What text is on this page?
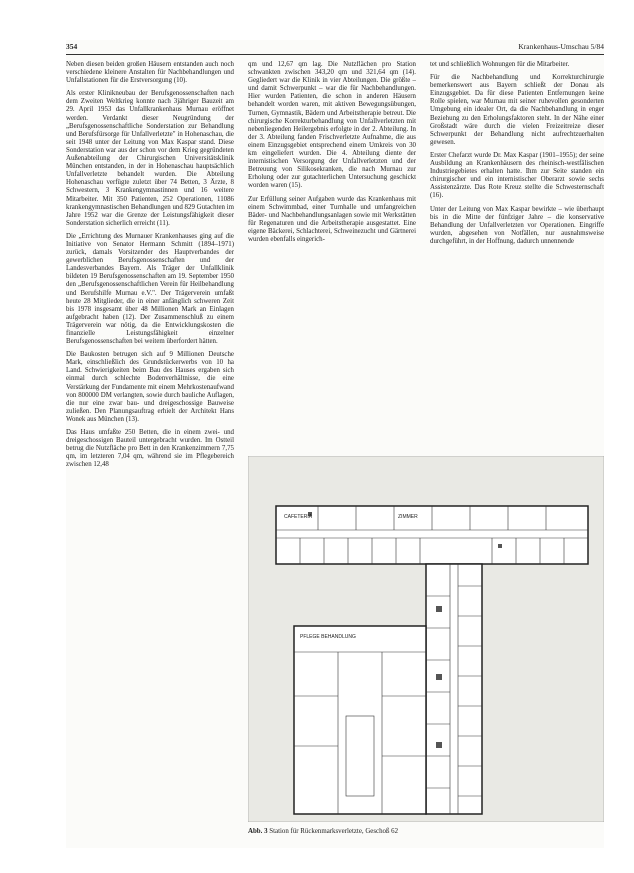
354	Krankenhaus-Umschau 5/84

Neben diesen beiden großen Häusern entstanden auch noch verschiedene kleinere Anstalten für Nachbehandlungen und Unfallstationen für die Erstversorgung (10).

Als erster Klinikneubau der Berufsgenossenschaften nach dem Zweiten Weltkrieg konnte nach 3jähriger Bauzeit am 29. April 1953 das Unfallkrankenhaus Murnau eröffnet werden. Verdankt dieser Neugründung der „Berufsgenossenschaftliche Sonderstation zur Behandlung und Berufsfürsorge für Unfallverletzte" in Hohenaschau, die seit 1948 unter der Leitung von Max Kaspar stand. Diese Sonderstation war aus der schon vor dem Krieg gegründeten Außenabteilung der Chirurgischen Universitätsklinik München entstanden, in der in Hohenaschau hauptsächlich Unfallverletzte behandelt wurden. Die Abteilung Hohenaschau verfügte zuletzt über 74 Betten, 3 Ärzte, 8 Schwestern, 3 Krankengymnastinnen und 16 weitere Mitarbeiter. Mit 350 Patienten, 252 Operationen, 11086 krankengymnastischen Behandlungen und 829 Gutachten im Jahre 1952 war die Grenze der Leistungsfähigkeit dieser Sonderstation sicherlich erreicht (11).

Die „Errichtung des Murnauer Krankenhauses ging auf die Initiative von Senator Hermann Schmitt (1894–1971) zurück, damals Vorsitzender des Hauptverbandes der gewerblichen Berufsgenossenschaften und der Landesverbandes Bayern. Als Träger der Unfallklinik bildeten 19 Berufsgenossenschaften am 19. September 1950 den „Berufsgenossenschaftlichen Verein für Heilbehandlung und Berufshilfe Murnau e.V.". Der Trägerverein umfaßt heute 28 Mitglieder, die in einer anfänglich schweren Zeit bis 1978 insgesamt über 48 Millionen Mark an Einlagen aufgebracht haben (12). Der Zusammenschluß zu einem Trägerverein war nötig, da die Entwicklungskosten die finanzielle Leistungsfähigkeit einzelner Berufsgenossenschaften bei weitem überfordert hätten.

Die Baukosten betrugen sich auf 9 Millionen Deutsche Mark, einschließlich des Grundstückerwerbs von 10 ha Land. Schwierigkeiten beim Bau des Hauses ergaben sich einmal durch schlechte Bodenverhältnisse, die eine Verstärkung der Fundamente mit einem Mehrkostenaufwand von 800000 DM verlangten, sowie durch bauliche Auflagen, die nur eine zwar bau- und dreigeschossige Bauweise zuließen. Den Planungsauftrag erhielt der Architekt Hans Wonek aus München (13).

Das Haus umfaßte 250 Betten, die in einem zwei- und dreigeschossigen Bauteil untergebracht wurden. Im Ostteil betrug die Nutzfläche pro Bett in den Krankenzimmern 7,75 qm, im letzteren 7,04 qm, während sie im Pflegebereich zwischen 12,48

qm und 12,67 qm lag. Die Nutzflächen pro Station schwankten zwischen 343,20 qm und 321,64 qm (14). Gegliedert war die Klinik in vier Abteilungen. Die größte – und damit Schwerpunkt – war die für Nachbehandlungen. Hier wurden Patienten, die schon in anderen Häusern behandelt worden waren, mit aktiven Bewegungsübungen, Turnen, Gymnastik, Bädern und Arbeitstherapie betreut. Die chirurgische Korrekturbehandlung von Unfallverletzten mit nebenliegenden Heilergebnis erfolgte in der 2. Abteilung. In der 3. Abteilung fanden Frischverletzte Aufnahme, die aus einem Einzugsgebiet entsprechend einem Umkreis von 30 km eingeliefert wurden. Die 4. Abteilung diente der internistischen Versorgung der Unfallverletzten und der Betreuung von Silikosekranken, die nach Murnau zur Erholung oder zur gutachterlichen Untersuchung geschickt worden waren (15).

Zur Erfüllung seiner Aufgaben wurde das Krankenhaus mit einem Schwimmbad, einer Turnhalle und umfangreichen Bäder- und Nachbehandlungsanlagen sowie mit Werkstätten für Regenaturen und die Arbeitstherapie ausgestattet. Eine eigene Bäckerei, Schlachterei, Schweinezucht und Gärtnerei wurden ebenfalls eingerich-

tet und schließlich Wohnungen für die Mitarbeiter.

Für die Nachbehandlung und Korrekturchirurgie bemerkenswert aus Bayern schließt der Donau als Einzugsgebiet. Da für diese Patienten Entfernungen keine Rolle spielen, war Murnau mit seiner ruhevollen gesonderten Umgebung ein idealer Ort, da die Nachbehandlung in enger Beziehung zu den Erholungsfaktoren steht. In der Nähe einer Großstadt wäre durch die vielen Freizeitreize dieser Schwerpunkt der Behandlung nicht aufrechtzuerhalten gewesen.

Erster Chefarzt wurde Dr. Max Kaspar (1901–1955); der seine Ausbildung an Krankenhäusern des rheinisch-westfälischen Industriegebietes erhalten hatte. Ihm zur Seite standen ein chirurgischer und ein internistischer Oberarzt sowie sechs Assistenzärzte. Das Rote Kreuz stellte die Schwesternschaft (16).

Unter der Leitung von Max Kaspar bewirkte – wie überhaupt bis in die Mitte der fünfziger Jahre – die konservative Behandlung der Unfallverletzten vor Operationen. Eingriffe wurden, abgesehen von Notfällen, nur ausnahmsweise durchgeführt, in der Hoffnung, dadurch unnennende

CAFETERIA	ZIMMER
PFLEGE BEHANDLUNG
Abb. 3 Station für Rückenmarksverletzte, Geschoß 62
